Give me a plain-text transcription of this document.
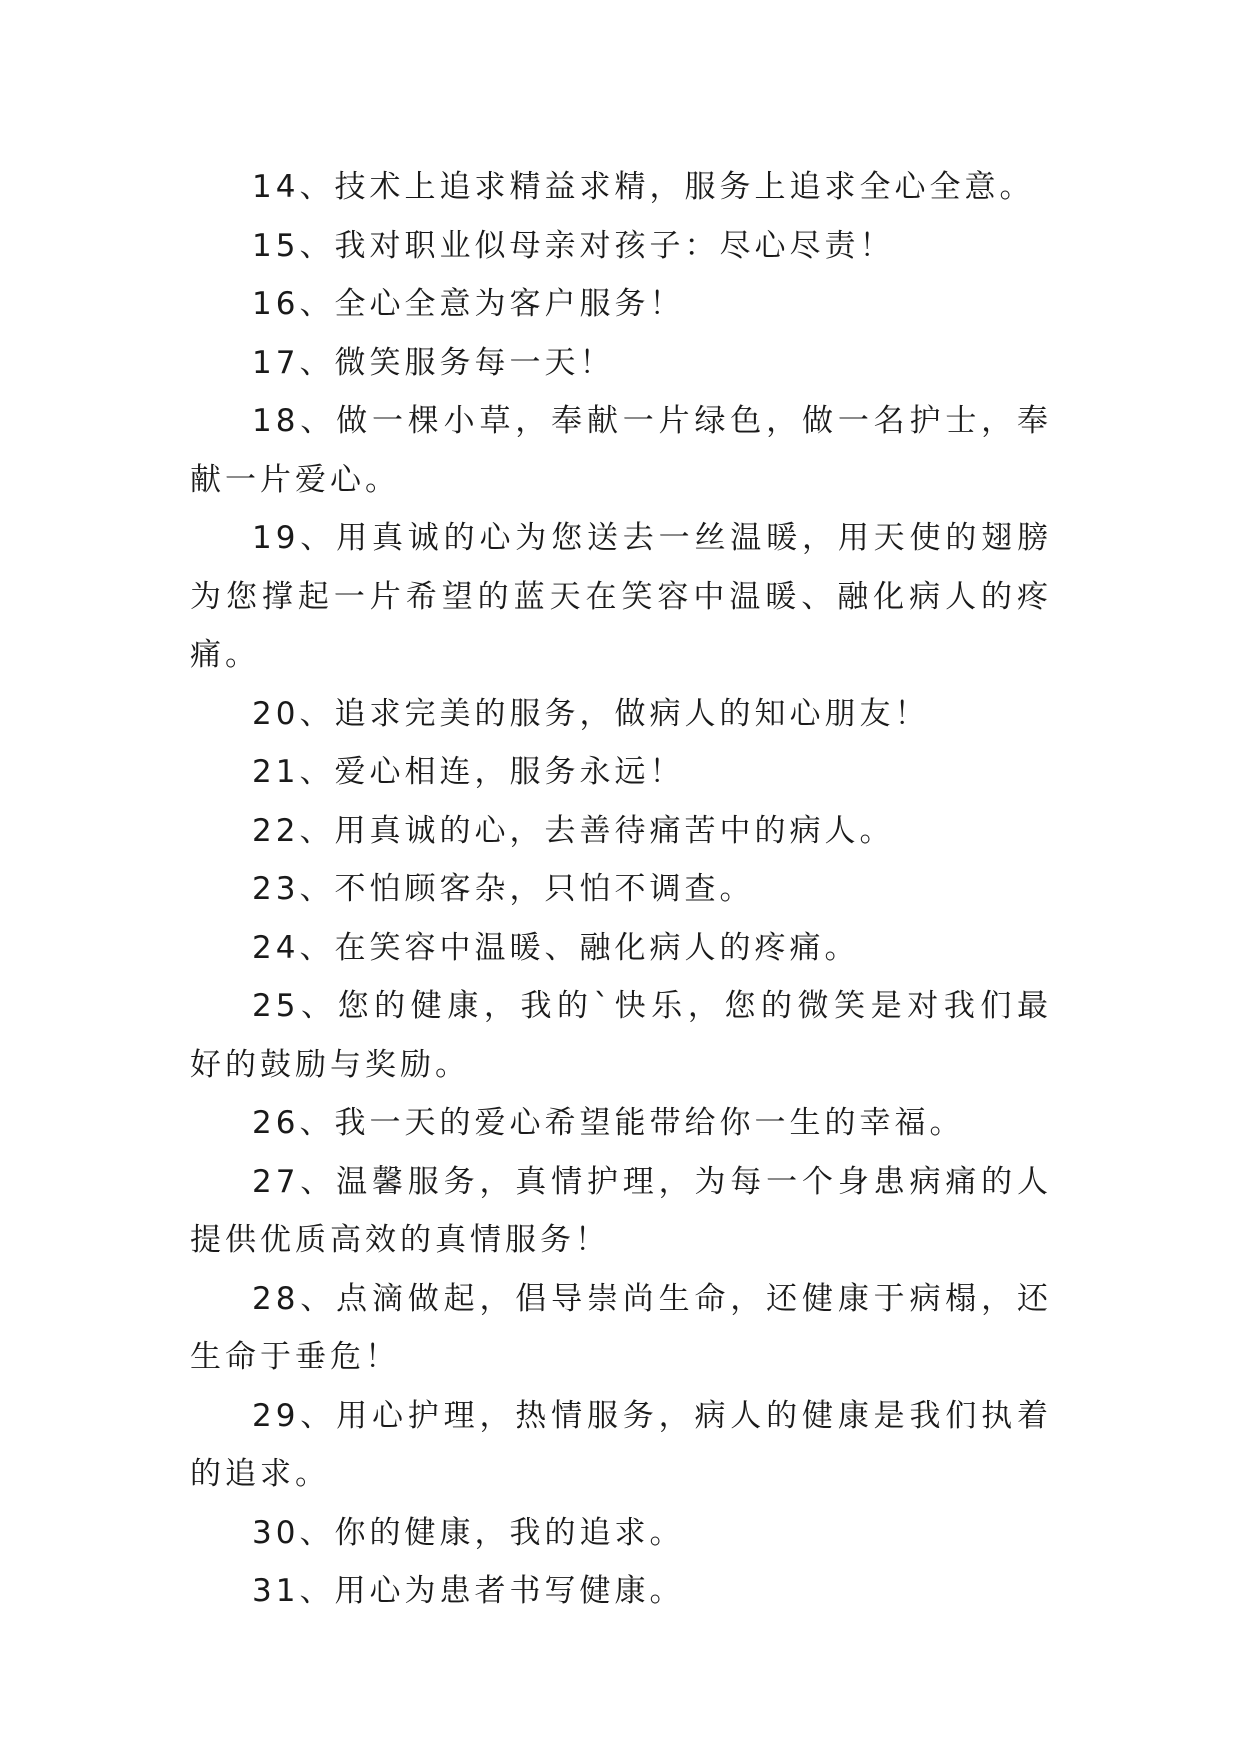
14、技术上追求精益求精，服务上追求全心全意。

15、我对职业似母亲对孩子：尽心尽责！

16、全心全意为客户服务！

17、微笑服务每一天！

18、做一棵小草，奉献一片绿色，做一名护士，奉献一片爱心。

19、用真诚的心为您送去一丝温暖，用天使的翅膀为您撑起一片希望的蓝天在笑容中温暖、融化病人的疼痛。

20、追求完美的服务，做病人的知心朋友！

21、爱心相连，服务永远！

22、用真诚的心，去善待痛苦中的病人。

23、不怕顾客杂，只怕不调查。

24、在笑容中温暖、融化病人的疼痛。

25、您的健康，我的`快乐，您的微笑是对我们最好的鼓励与奖励。

26、我一天的爱心希望能带给你一生的幸福。

27、温馨服务，真情护理，为每一个身患病痛的人提供优质高效的真情服务！

28、点滴做起，倡导崇尚生命，还健康于病榻，还生命于垂危！

29、用心护理，热情服务，病人的健康是我们执着的追求。

30、你的健康，我的追求。

31、用心为患者书写健康。
